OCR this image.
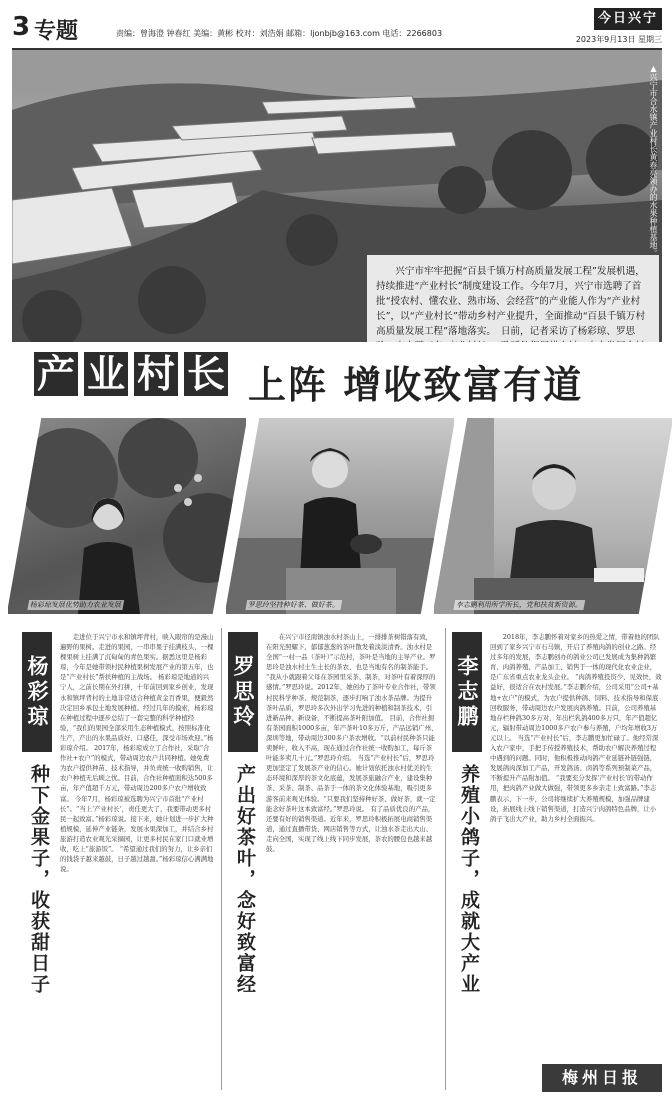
3 专题	责编：曾海澄 钟春红 美编：黄彬 校对：刘浩娟 邮箱：ljonbjb@163.com 电话：2266803
今日兴宁
2023年9月13日 星期三
▲兴宁市合水镇产业村长黄春亮领办的水果种植基地。
兴宁市牢牢把握“百县千镇万村高质量发展工程”发展机遇，持续推进“产业村长”制度建设工作。今年7月，兴宁市选聘了首批“授农村、懂农业、熟市场、会经营”的产业能人作为“产业村长”，以“产业村长”带动乡村产业提升，全面推动“百县千镇万村高质量发展工程”落地落实。　日前，记者采访了杨彩琼、罗思
产 业 村 长 上阵 增收致富有道
杨彩琼发展优势助力农业发展	罗思玲坚持种好茶、做好茶。	李志鹏利用所学所长，党和扶贫新资源。
杨彩琼
种下金果子，收获甜日子
走进位于兴宁市永和镇坪背村，映入眼帘的是漫山遍野的果树。走进的果园，一串串果子挂满枝头，一棵棵果树上挂满了沉甸甸的青色果实。据悉这里是杨彩琼，今年是她带领村民种植果树发展产业的第五年，也是“产业村长”帮扶种植的主战场。 杨彩琼是地道的兴宁人，之前长期在外打拼，十年前回到家乡创业，发现永和镇坪背村的土地非常适合种植黄金百香果，便毅然决定回乡承包土地发展种植。经过几年的摸索，杨彩琼在种植过程中逐步总结了一套完整的科学种植经验，“我们的果园全部采用生态种植模式，按照标准化生产，产出的水果品质好、口感佳，深受市场欢迎。”杨彩琼介绍。 2017年，杨彩琼成立了合作社，采取“合作社+农户”的模式，带动周边农户共同种植。她免费为农户提供种苗、技术指导，并负责统一收购销售，让农户种植无后顾之忧。目前，合作社种植面积达500多亩，年产值超千万元，带动周边200多户农户增收致富。 今年7月，杨彩琼被选聘为兴宁市首批“产业村长”。“当上‘产业村长’，责任更大了，我要带动更多村民一起致富。”杨彩琼说。接下来，她计划进一步扩大种植规模，延伸产业链条，发展水果深加工，并结合乡村旅游打造农业观光采摘园，让更多村民在家门口就业增收，吃上“旅游饭”。 “希望通过我们的努力，让乡亲们的钱袋子越来越鼓，日子越过越甜。”杨彩琼信心满满地说。
罗思玲
产出好茶叶，念好致富经
在兴宁市径南镇浊水村茶山上，一排排茶树错落有致，在阳光照耀下，郁郁葱葱的茶叶散发着淡淡清香。浊水村是全国“一村一品（茶叶）”示范村，茶叶是当地的主导产业。罗思玲是浊水村土生土长的茶农，也是当地有名的制茶能手。 “我从小就跟着父母在茶园里采茶、制茶，对茶叶有着深厚的感情。”罗思玲说。2012年，她创办了茶叶专业合作社，带领村民科学种茶、规范制茶，逐步打响了浊水茶品牌。为提升茶叶品质，罗思玲多次外出学习先进的种植和制茶技术，引进新品种、新设备，不断提高茶叶附加值。 目前，合作社拥有茶园面积1000多亩，年产茶叶10多万斤，产品远销广州、深圳等地，带动周边300多户茶农增收。“以前村民种茶只能卖鲜叶，收入不高，现在通过合作社统一收购加工，每斤茶叶能多卖几十元。”罗思玲介绍。 当选“产业村长”后，罗思玲更加坚定了发展茶产业的信心。她计划依托浊水村优美的生态环境和深厚的茶文化底蕴，发展茶旅融合产业，建设集种茶、采茶、制茶、品茶于一体的茶文化体验基地，吸引更多游客前来观光体验。“只要我们坚持种好茶、做好茶，就一定能念好茶叶这本致富经。”罗思玲说。 有了品质优良的产品，还要有好的销售渠道。近年来，罗思玲积极拓展电商销售渠道，通过直播带货、网店销售等方式，让浊水茶走出大山、走向全国，实现了线上线下同步发展，茶农的腰包也越来越鼓。
李志鹏
养殖小鸽子，成就大产业
2018年，李志鹏怀着对家乡的热爱之情，带着他的团队回到了家乡兴宁市石马镇，开启了养殖肉鸽的创业之路。经过多年的发展，李志鹏创办的鸽业公司已发展成为集种鸽繁育、肉鸽养殖、产品加工、销售于一体的现代化农业企业，是广东省重点农业龙头企业。 “肉鸽养殖投资少、见效快、效益好，很适合在农村发展。”李志鹏介绍，公司采用“公司+基地+农户”的模式，为农户提供种鸽、饲料、技术指导和保底回收服务，带动周边农户发展肉鸽养殖。目前，公司养殖基地存栏种鸽30多万对，年出栏乳鸽400多万只，年产值超亿元，辐射带动周边1000多户农户参与养殖，户均年增收3万元以上。 当选“产业村长”后，李志鹏更加忙碌了。他经常深入农户家中，手把手传授养殖技术，帮助农户解决养殖过程中遇到的问题。同时，他积极推动肉鸽产业延链补链强链，发展鸽肉深加工产品，开发鸽汤、卤鸽等系列预制菜产品，不断提升产品附加值。 “我要充分发挥‘产业村长’的带动作用，把肉鸽产业做大做强，带领更多乡亲走上致富路。”李志鹏表示，下一步，公司将继续扩大养殖规模，加强品牌建设，拓展线上线下销售渠道，打造兴宁肉鸽特色品牌，让小鸽子飞出大产业，助力乡村全面振兴。
梅州日报
